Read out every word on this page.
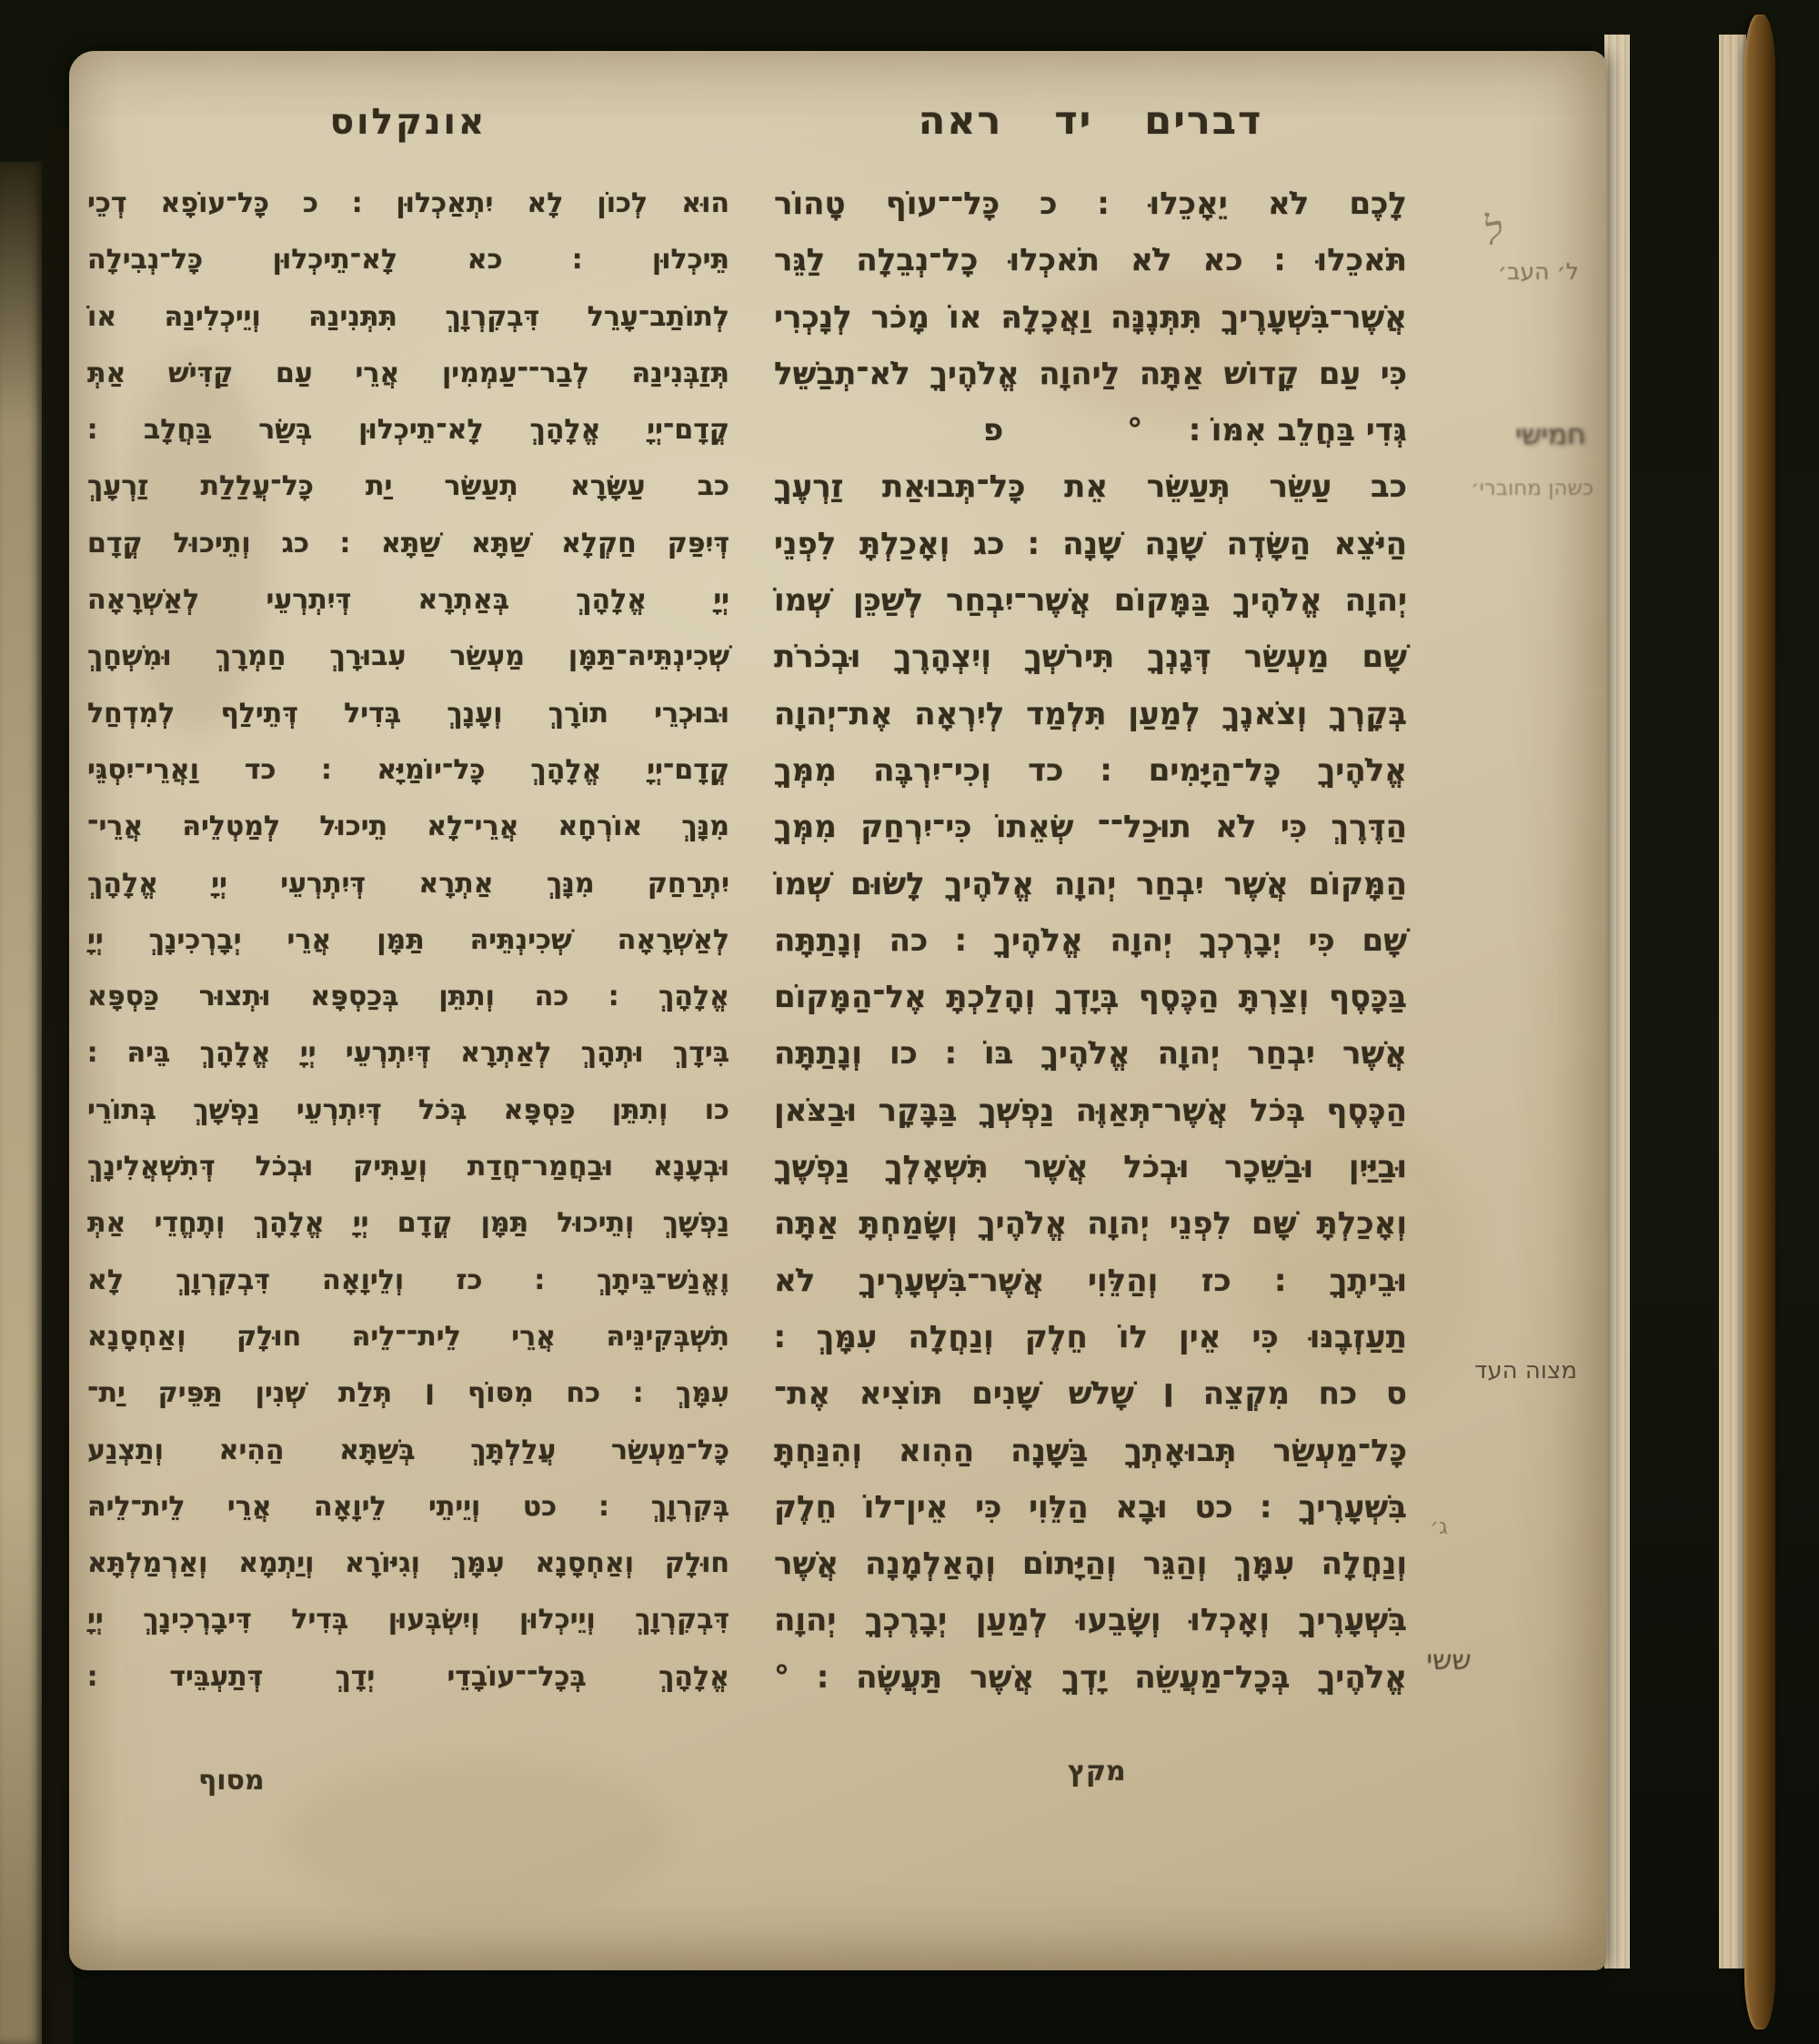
דברים יד ראה
אונקלוס
לָכֶם לֹא יֵאָכֵלוּ ׃ כ כָּל־־עוֹף טָהוֹר
תֹּאכֵלוּ ׃ כא לֹא תֹאכְלוּ כָל־נְבֵלָה לַגֵּר
אֲשֶׁר־בִּשְׁעָרֶיךָ תִּתְּנֶנָּה וַאֲכָלָהּ אוֹ מָכֹר לְנָכְרִי
כִּי עַם קָדוֹשׁ אַתָּה לַיהוָה אֱלֹהֶיךָ לֹא־תְבַשֵּׁל
גְּדִי בַּחֲלֵב אִמּוֹ ׃  °    פ
כב עַשֵּׂר תְּעַשֵּׂר אֵת כָּל־תְּבוּאַת זַרְעֶךָ
הַיֹּצֵא הַשָּׂדֶה שָׁנָה שָׁנָה ׃ כג וְאָכַלְתָּ לִפְנֵי
יְהוָה אֱלֹהֶיךָ בַּמָּקוֹם אֲשֶׁר־יִבְחַר לְשַׁכֵּן שְׁמוֹ
שָׁם מַעְשַׂר דְּגָנְךָ תִּירֹשְׁךָ וְיִצְהָרֶךָ וּבְכֹרֹת
בְּקָרְךָ וְצֹאנֶךָ לְמַעַן תִּלְמַד לְיִרְאָה אֶת־יְהוָה
אֱלֹהֶיךָ כָּל־הַיָּמִים ׃ כד וְכִי־יִרְבֶּה מִמְּךָ
הַדֶּרֶךְ כִּי לֹא תוּכַל־־ שְׂאֵתוֹ כִּי־יִרְחַק מִמְּךָ
הַמָּקוֹם אֲשֶׁר יִבְחַר יְהוָה אֱלֹהֶיךָ לָשׂוּם שְׁמוֹ
שָׁם כִּי יְבָרֶכְךָ יְהוָה אֱלֹהֶיךָ ׃ כה וְנָתַתָּה
בַּכָּסֶף וְצַרְתָּ הַכֶּסֶף בְּיָדְךָ וְהָלַכְתָּ אֶל־הַמָּקוֹם
אֲשֶׁר יִבְחַר יְהוָה אֱלֹהֶיךָ בּוֹ ׃ כו וְנָתַתָּה
הַכֶּסֶף בְּכֹל אֲשֶׁר־תְּאַוֶּה נַפְשְׁךָ בַּבָּקָר וּבַצֹּאן
וּבַיַּיִן וּבַשֵּׁכָר וּבְכֹל אֲשֶׁר תִּשְׁאָלְךָ נַפְשֶׁךָ
וְאָכַלְתָּ שָּׁם לִפְנֵי יְהוָה אֱלֹהֶיךָ וְשָׂמַחְתָּ אַתָּה
וּבֵיתֶךָ ׃ כז וְהַלֵּוִי אֲשֶׁר־בִּשְׁעָרֶיךָ לֹא
תַעַזְבֶנּוּ כִּי אֵין לוֹ חֵלֶק וְנַחֲלָה עִמָּךְ ׃
ס כח מִקְצֵה ׀ שָׁלֹשׁ שָׁנִים תּוֹצִיא אֶת־
כָּל־מַעְשַׂר תְּבוּאָתְךָ בַּשָּׁנָה הַהִוא וְהִנַּחְתָּ
בִּשְׁעָרֶיךָ ׃ כט וּבָא הַלֵּוִי כִּי אֵין־לוֹ חֵלֶק
וְנַחֲלָה עִמָּךְ וְהַגֵּר וְהַיָּתוֹם וְהָאַלְמָנָה אֲשֶׁר
בִּשְׁעָרֶיךָ וְאָכְלוּ וְשָׂבֵעוּ לְמַעַן יְבָרֶכְךָ יְהוָה
אֱלֹהֶיךָ בְּכָל־מַעֲשֵׂה יָדְךָ אֲשֶׁר תַּעֲשֶׂה ׃ °
הוּא לְכוֹן לָא יִתְאַכְלוּן ׃ כ כָּל־עוֹפָא דְכֵי
תֵּיכְלוּן ׃ כא לָא־תֵיכְלוּן כָּל־נְבִילָה
לְתוֹתַב־עָרֵל דִּבְקִרְוָךְ תִּתְּנִינַהּ וְיֵיכְלִינַהּ אוֹ
תְּזַבְּנִינַהּ לְבַר־־עַמְמִין אֲרֵי עַם קַדִּישׁ אַתְּ
קֳדָם־יְיָ אֱלָהָךְ לָא־תֵיכְלוּן בְּשַׂר בַּחֲלָב ׃
כב עַשָּׂרָא תְעַשַּׂר יַת כָּל־עֲלַלַת זַרְעָךְ
דְּיִפַּק חַקְלָא שַׁתָּא שַׁתָּא ׃ כג וְתֵיכוּל קֳדָם
יְיָ אֱלָהָךְ בְּאַתְרָא דְּיִתְרְעֵי לְאַשְׁרָאָה
שְׁכִינְתֵּיהּ־תַּמָּן מַעְשַׂר עִבוּרָךְ חַמְרָךְ וּמִשְׁחָךְ
וּבוּכְרֵי תוֹרָךְ וְעָנָךְ בְּדִיל דְּתֵילַף לְמִדְחַל
קֳדָם־יְיָ אֱלָהָךְ כָּל־יוֹמַיָּא ׃ כד וַאֲרֵי־יִסְגֵּי
מִנָּךְ אוֹרְחָא אֲרֵי־לָא תֵיכוּל לְמַטְלֵיהּ אֲרֵי־
יִתְרַחַק מִנָּךְ אַתְרָא דְּיִתְרְעֵי יְיָ אֱלָהָךְ
לְאַשְׁרָאָה שְׁכִינְתֵּיהּ תַּמָּן אֲרֵי יְבָרְכִינָךְ יְיָ
אֱלָהָךְ ׃ כה וְתִתֵּן בְּכַסְפָּא וּתְצוּר כַּסְפָּא
בִּידָךְ וּתְהָךְ לְאַתְרָא דְּיִתְרְעֵי יְיָ אֱלָהָךְ בֵּיהּ ׃
כו וְתִתֵּן כַּסְפָּא בְּכֹל דְּיִתְרְעֵי נַפְשָׁךְ בְּתוֹרֵי
וּבְעָנָא וּבַחֲמַר־חֲדַת וְעַתִּיק וּבְכֹל דְּתִשְׁאֲלִינָךְ
נַפְשָׁךְ וְתֵיכוּל תַּמָּן קֳדָם יְיָ אֱלָהָךְ וְתֶחֱדֵי אַתְּ
וֶאֱנַשׁ־בֵּיתָךְ ׃ כז וְלֵיוָאָה דִּבְקִרְוָךְ לָא
תִשְׁבְּקִינֵּיהּ אֲרֵי לֵית־־לֵיהּ חוּלָק וְאַחְסָנָא
עִמָּךְ ׃ כח מִסּוֹף ׀ תְּלַת שְׁנִין תַּפֵּיק יַת־
כָּל־מַעְשַׂר עֲלַלְתָּךְ בְּשַׁתָּא הַהִיא וְתַצְנַע
בְּקִרְוָךְ ׃ כט וְיֵיתֵי לֵיוָאָה אֲרֵי לֵית־לֵיהּ
חוּלָק וְאַחְסָנָא עִמָּךְ וְגִיּוֹרָא וְיַתְמָא וְאַרְמַלְתָּא
דִּבְקִרְוָךְ וְיֵיכְלוּן וְיִשְׂבְּעוּן בְּדִיל דִּיבָרְכִינָךְ יְיָ
אֱלָהָךְ בְּכָל־־עוֹבָדֵי יְדָךְ דְּתַעְבֵּיד ׃
מקץ
מסוף
ל
ל׳ העב׳
חמישי
כשהן מחוברי׳
מצוה העד
ג׳
ששי
